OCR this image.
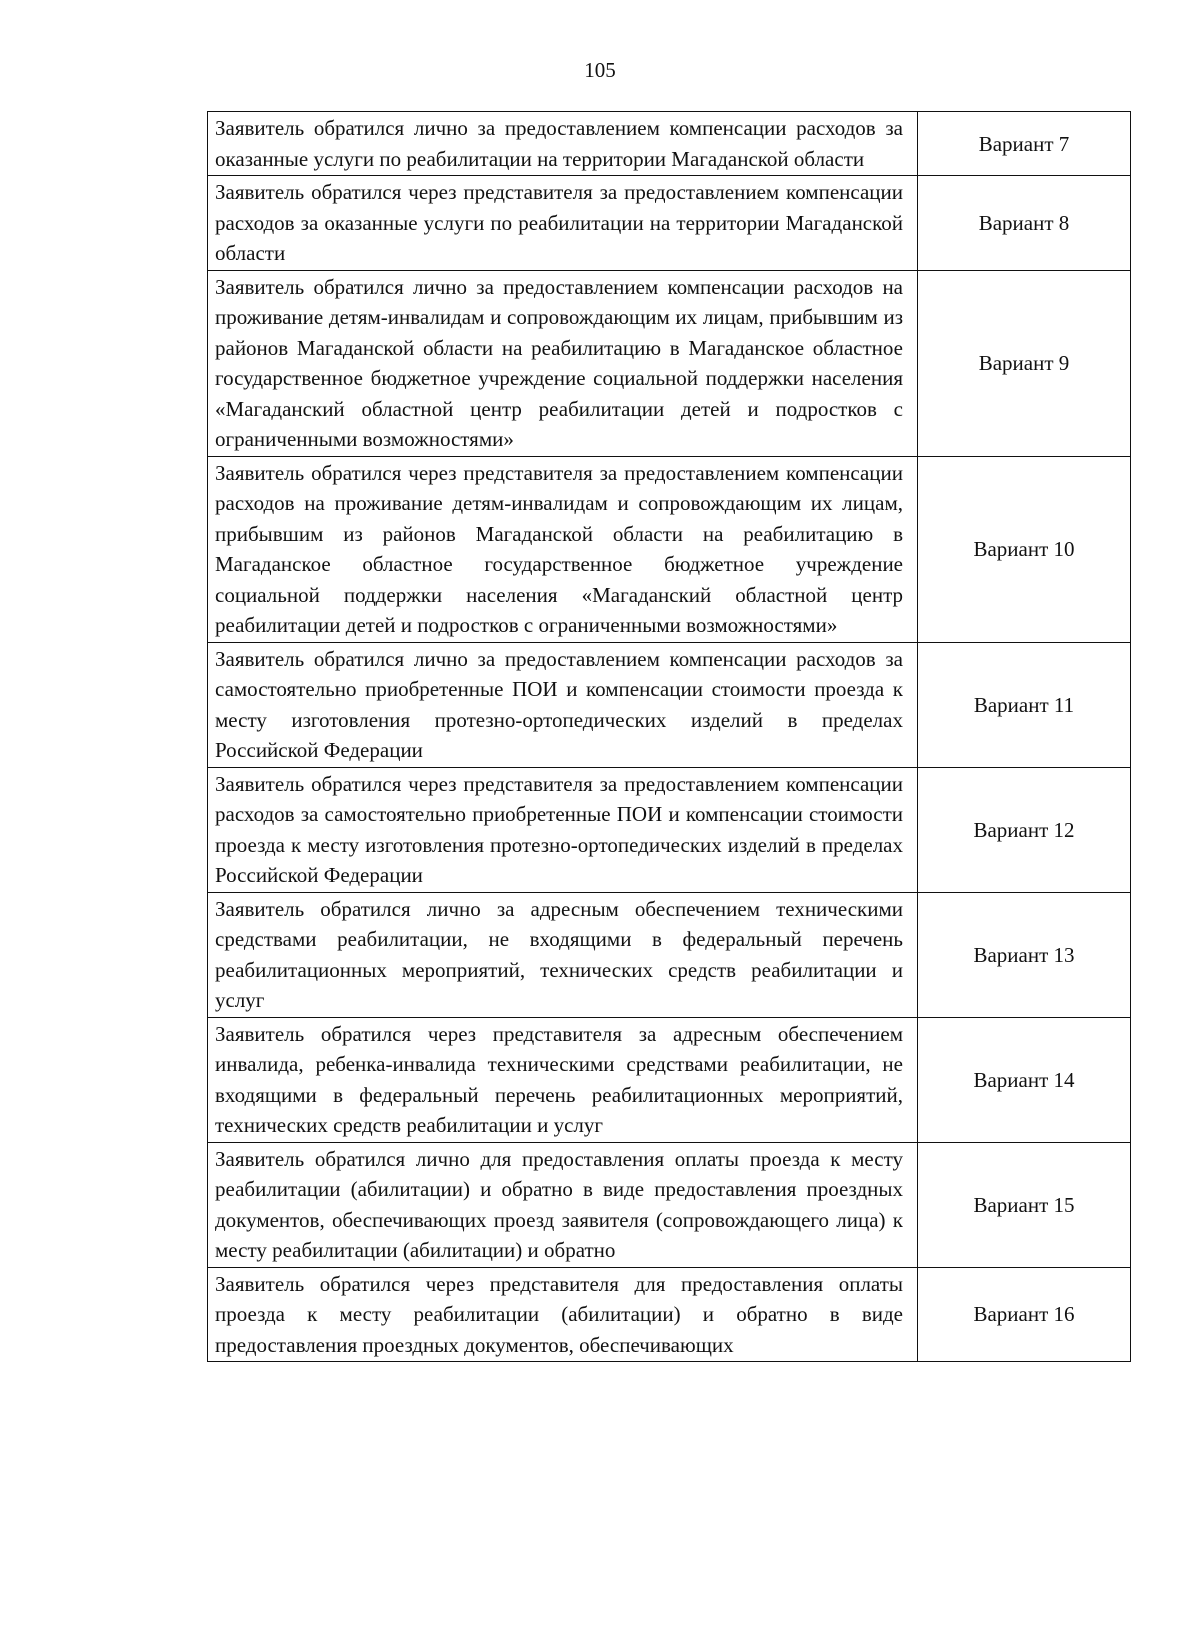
105
Заявитель обратился лично за предоставлением компенсации расходов за оказанные услуги по реабилитации на территории Магаданской области	Вариант 7
Заявитель обратился через представителя за предоставлением компенсации расходов за оказанные услуги по реабилитации на территории Магаданской области	Вариант 8
Заявитель обратился лично за предоставлением компенсации расходов на проживание детям-инвалидам и сопровождающим их лицам, прибывшим из районов Магаданской области на реабилитацию в Магаданское областное государственное бюджетное учреждение социальной поддержки населения «Магаданский областной центр реабилитации детей и подростков с ограниченными возможностями»	Вариант 9
Заявитель обратился через представителя за предоставлением компенсации расходов на проживание детям-инвалидам и сопровождающим их лицам, прибывшим из районов Магаданской области на реабилитацию в Магаданское областное государственное бюджетное учреждение социальной поддержки населения «Магаданский областной центр реабилитации детей и подростков с ограниченными возможностями»	Вариант 10
Заявитель обратился лично за предоставлением компенсации расходов за самостоятельно приобретенные ПОИ и компенсации стоимости проезда к месту изготовления протезно-ортопедических изделий в пределах Российской Федерации	Вариант 11
Заявитель обратился через представителя за предоставлением компенсации расходов за самостоятельно приобретенные ПОИ и компенсации стоимости проезда к месту изготовления протезно-ортопедических изделий в пределах Российской Федерации	Вариант 12
Заявитель обратился лично за адресным обеспечением техническими средствами реабилитации, не входящими в федеральный перечень реабилитационных мероприятий, технических средств реабилитации и услуг	Вариант 13
Заявитель обратился через представителя за адресным обеспечением инвалида, ребенка-инвалида техническими средствами реабилитации, не входящими в федеральный перечень реабилитационных мероприятий, технических средств реабилитации и услуг	Вариант 14
Заявитель обратился лично для предоставления оплаты проезда к месту реабилитации (абилитации) и обратно в виде предоставления проездных документов, обеспечивающих проезд заявителя (сопровождающего лица) к месту реабилитации (абилитации) и обратно	Вариант 15
Заявитель обратился через представителя для предоставления оплаты проезда к месту реабилитации (абилитации) и обратно в виде предоставления проездных документов, обеспечивающих	Вариант 16
